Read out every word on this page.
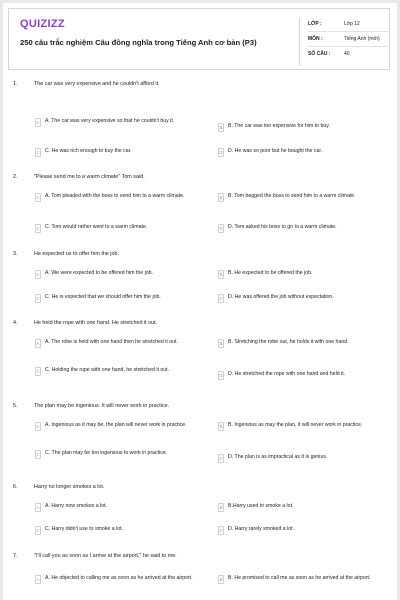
QUIZIZZ
250 câu trắc nghiệm Câu đồng nghĩa trong Tiếng Anh cơ bản (P3)
LỚP :	Lớp 12
MÔN :	Tiếng Anh (mới)
SỐ CÂU :	40
1.	The car was very expensive and he couldn't afford it.
A	A. The car was very expensive so that he couldn't buy it.
B	B. The car was too expensive for him to buy.
C C. He was rich enough to buy the car.	D D. He was so poor but he bought the car.
2.	"Please send me to a warm climate" Tom said.
A	A. Tom pleaded with the boss to send him to a warm climate.	B	B. Tom begged the boss to send him to a warm climate.
C C. Tom would rather went to a warm climate.	D D. Tom asked his boss to go to a warm climate.
3.	He expected us to offer him the job.
A	A. We were expected to be offered him the job.	B	B. He expected to be offered the job.
C C. He is expected that we should offer him the job.	D D. He was offered the job without expectation.
4.	He held the rope with one hand. He stretched it out.
A	A. The robe is held with one hand then he stretched it out.	B	B. Stretching the robe out, he holds it with one hand.
C C. Holding the rope with one hand, he stretched it out.
D D. He stretched the rope with one hand and held it.
5.	The plan may be ingenious. It will never work in practice.
A	A. Ingenious as it may be, the plan will never work in practice.	B	B. Ingenious as may the plan, it will never work in practice.
C C. The plan may be too ingenious to work in practice.
D D. The plan is as impractical as it is genius.
6.	Harry no longer smokes a lot.
A	A. Harry now smokes a lot.	B	B.Harry used to smoke a lot.
C C. Harry didn't use to smoke a lot.	D D. Harry rarely smoked a lot.
7.	"I'll call you as soon as I arrive at the airport," he said to me.
A	A. He objected to calling me as soon as he arrived at the airport.	B	B. He promised to call me as soon as he arrived at the airport.
